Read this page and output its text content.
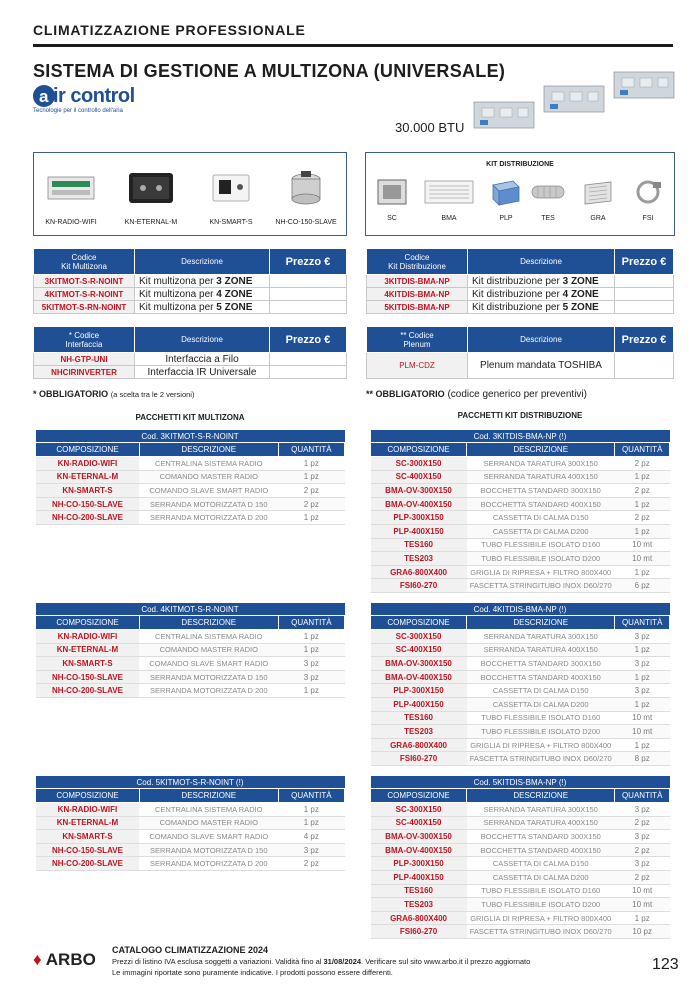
CLIMATIZZAZIONE PROFESSIONALE
SISTEMA DI GESTIONE A MULTIZONA (UNIVERSALE)
a ir control
Tecnologie per il controllo dell'aria
30.000 BTU
KN-RADIO-WIFI	KN-ETERNAL-M	KN-SMART-S	NH-CO-150-SLAVE
KIT DISTRIBUZIONE
SC	BMA	PLP	TES	GRA	FSI
Codice
Kit Multizona	Descrizione	Prezzo €
3KITMOT-S-R-NOINT	Kit multizona per 3 ZONE	
4KITMOT-S-R-NOINT	Kit multizona per 4 ZONE	
5KITMOT-S-RN-NOINT	Kit multizona per 5 ZONE	
Codice
Kit Distribuzione	Descrizione	Prezzo €
3KITDIS-BMA-NP	Kit distribuzione per 3 ZONE	
4KITDIS-BMA-NP	Kit distribuzione per 4 ZONE	
5KITDIS-BMA-NP	Kit distribuzione per 5 ZONE	
* Codice
Interfaccia	Descrizione	Prezzo €
NH-GTP-UNI	Interfaccia a Filo	
NHCIRINVERTER	Interfaccia IR Universale	
* OBBLIGATORIO (a scelta tra le 2 versioni)
** Codice
Plenum	Descrizione	Prezzo €
PLM-CDZ	Plenum mandata TOSHIBA	
** OBBLIGATORIO (codice generico per preventivi)
PACCHETTI KIT MULTIZONA	PACCHETTI KIT DISTRIBUZIONE
Cod. 3KITMOT-S-R-NOINT		
COMPOSIZIONE	DESCRIZIONE	QUANTITÀ
KN-RADIO-WIFI	CENTRALINA SISTEMA RADIO	1 pz
KN-ETERNAL-M	COMANDO MASTER RADIO	1 pz
KN-SMART-S	COMANDO SLAVE SMART RADIO	2 pz
NH-CO-150-SLAVE	SERRANDA MOTORIZZATA D 150	2 pz
NH-CO-200-SLAVE	SERRANDA MOTORIZZATA D 200	1 pz
Cod. 4KITMOT-S-R-NOINT		
COMPOSIZIONE	DESCRIZIONE	QUANTITÀ
KN-RADIO-WIFI	CENTRALINA SISTEMA RADIO	1 pz
KN-ETERNAL-M	COMANDO MASTER RADIO	1 pz
KN-SMART-S	COMANDO SLAVE SMART RADIO	3 pz
NH-CO-150-SLAVE	SERRANDA MOTORIZZATA D 150	3 pz
NH-CO-200-SLAVE	SERRANDA MOTORIZZATA D 200	1 pz
Cod. 5KITMOT-S-R-NOINT (!)		
COMPOSIZIONE	DESCRIZIONE	QUANTITÀ
KN-RADIO-WIFI	CENTRALINA SISTEMA RADIO	1 pz
KN-ETERNAL-M	COMANDO MASTER RADIO	1 pz
KN-SMART-S	COMANDO SLAVE SMART RADIO	4 pz
NH-CO-150-SLAVE	SERRANDA MOTORIZZATA D 150	3 pz
NH-CO-200-SLAVE	SERRANDA MOTORIZZATA D 200	2 pz
Cod. 3KITDIS-BMA-NP (!)		
COMPOSIZIONE	DESCRIZIONE	QUANTITÀ
SC-300X150	SERRANDA TARATURA 300X150	2 pz
SC-400X150	SERRANDA TARATURA 400X150	1 pz
BMA-OV-300X150	BOCCHETTA STANDARD 300X150	2 pz
BMA-OV-400X150	BOCCHETTA STANDARD 400X150	1 pz
PLP-300X150	CASSETTA DI CALMA D150	2 pz
PLP-400X150	CASSETTA DI CALMA D200	1 pz
TES160	TUBO FLESSIBILE ISOLATO D160	10 mt
TES203	TUBO FLESSIBILE ISOLATO D200	10 mt
GRA6-800X400	GRIGLIA DI RIPRESA + FILTRO 800X400	1 pz
FSI60-270	FASCETTA STRINGITUBO INOX D60/270	6 pz
Cod. 4KITDIS-BMA-NP (!)		
COMPOSIZIONE	DESCRIZIONE	QUANTITÀ
SC-300X150	SERRANDA TARATURA 300X150	3 pz
SC-400X150	SERRANDA TARATURA 400X150	1 pz
BMA-OV-300X150	BOCCHETTA STANDARD 300X150	3 pz
BMA-OV-400X150	BOCCHETTA STANDARD 400X150	1 pz
PLP-300X150	CASSETTA DI CALMA D150	3 pz
PLP-400X150	CASSETTA DI CALMA D200	1 pz
TES160	TUBO FLESSIBILE ISOLATO D160	10 mt
TES203	TUBO FLESSIBILE ISOLATO D200	10 mt
GRA6-800X400	GRIGLIA DI RIPRESA + FILTRO 800X400	1 pz
FSI60-270	FASCETTA STRINGITUBO INOX D60/270	8 pz
Cod. 5KITDIS-BMA-NP (!)		
COMPOSIZIONE	DESCRIZIONE	QUANTITÀ
SC-300X150	SERRANDA TARATURA 300X150	3 pz
SC-400X150	SERRANDA TARATURA 400X150	2 pz
BMA-OV-300X150	BOCCHETTA STANDARD 300X150	3 pz
BMA-OV-400X150	BOCCHETTA STANDARD 400X150	2 pz
PLP-300X150	CASSETTA DI CALMA D150	3 pz
PLP-400X150	CASSETTA DI CALMA D200	2 pz
TES160	TUBO FLESSIBILE ISOLATO D160	10 mt
TES203	TUBO FLESSIBILE ISOLATO D200	10 mt
GRA6-800X400	GRIGLIA DI RIPRESA + FILTRO 800X400	1 pz
FSI60-270	FASCETTA STRINGITUBO INOX D60/270	10 pz
♦ ARBO CATALOGO CLIMATIZZAZIONE 2024
Prezzi di listino IVA esclusa soggetti a variazioni. Validità fino al 31/08/2024. Verificare sul sito www.arbo.it il prezzo aggiornato
Le immagini riportate sono puramente indicative. I prodotti possono essere differenti.	123
